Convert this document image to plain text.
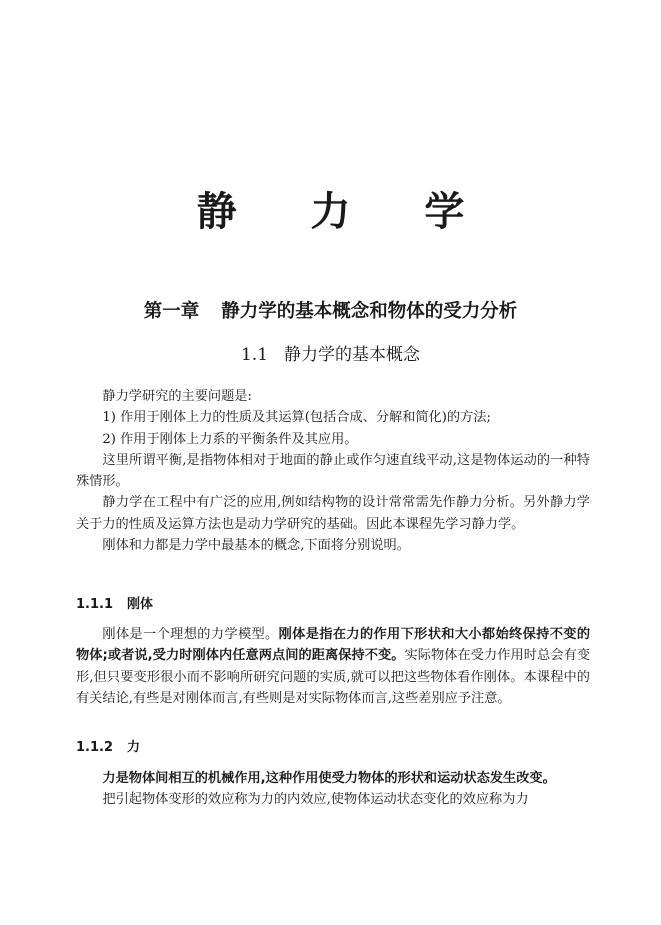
静 力 学
第一章 静力学的基本概念和物体的受力分析
1.1 静力学的基本概念

静力学研究的主要问题是:

1) 作用于刚体上力的性质及其运算(包括合成、分解和简化)的方法;

2) 作用于刚体上力系的平衡条件及其应用。

这里所谓平衡,是指物体相对于地面的静止或作匀速直线平动,这是物体运动的一种特殊情形。

静力学在工程中有广泛的应用,例如结构物的设计常常需先作静力分析。另外静力学关于力的性质及运算方法也是动力学研究的基础。因此本课程先学习静力学。

刚体和力都是力学中最基本的概念,下面将分别说明。

1.1.1 刚体

刚体是一个理想的力学模型。刚体是指在力的作用下形状和大小都始终保持不变的物体;或者说,受力时刚体内任意两点间的距离保持不变。实际物体在受力作用时总会有变形,但只要变形很小而不影响所研究问题的实质,就可以把这些物体看作刚体。本课程中的有关结论,有些是对刚体而言,有些则是对实际物体而言,这些差别应予注意。

1.1.2 力

力是物体间相互的机械作用,这种作用使受力物体的形状和运动状态发生改变。

把引起物体变形的效应称为力的内效应,使物体运动状态变化的效应称为力
